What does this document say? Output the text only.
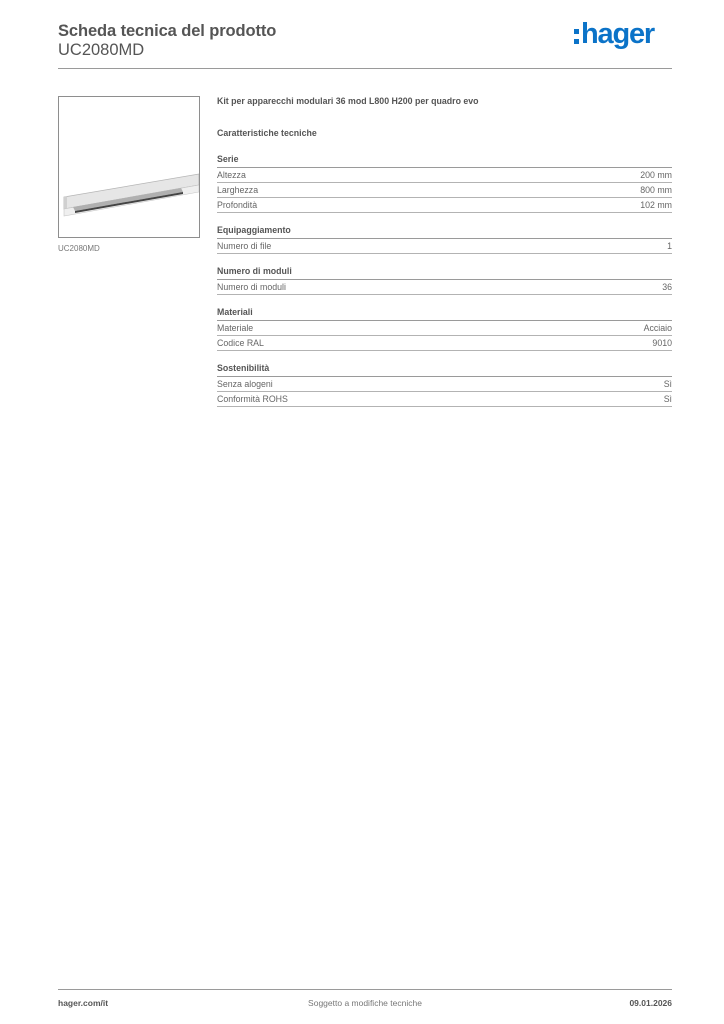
Scheda tecnica del prodotto
UC2080MD
hager
UC2080MD

Kit per apparecchi modulari 36 mod L800 H200 per quadro evo

Caratteristiche tecniche

Serie
Altezza	200 mm
Larghezza	800 mm
Profondità	102 mm
Equipaggiamento
Numero di file	1
Numero di moduli
Numero di moduli	36
Materiali
Materiale	Acciaio
Codice RAL	9010
Sostenibilità
Senza alogeni	Sì
Conformità ROHS	Sì
hager.com/it	Soggetto a modifiche tecniche	09.01.2026
